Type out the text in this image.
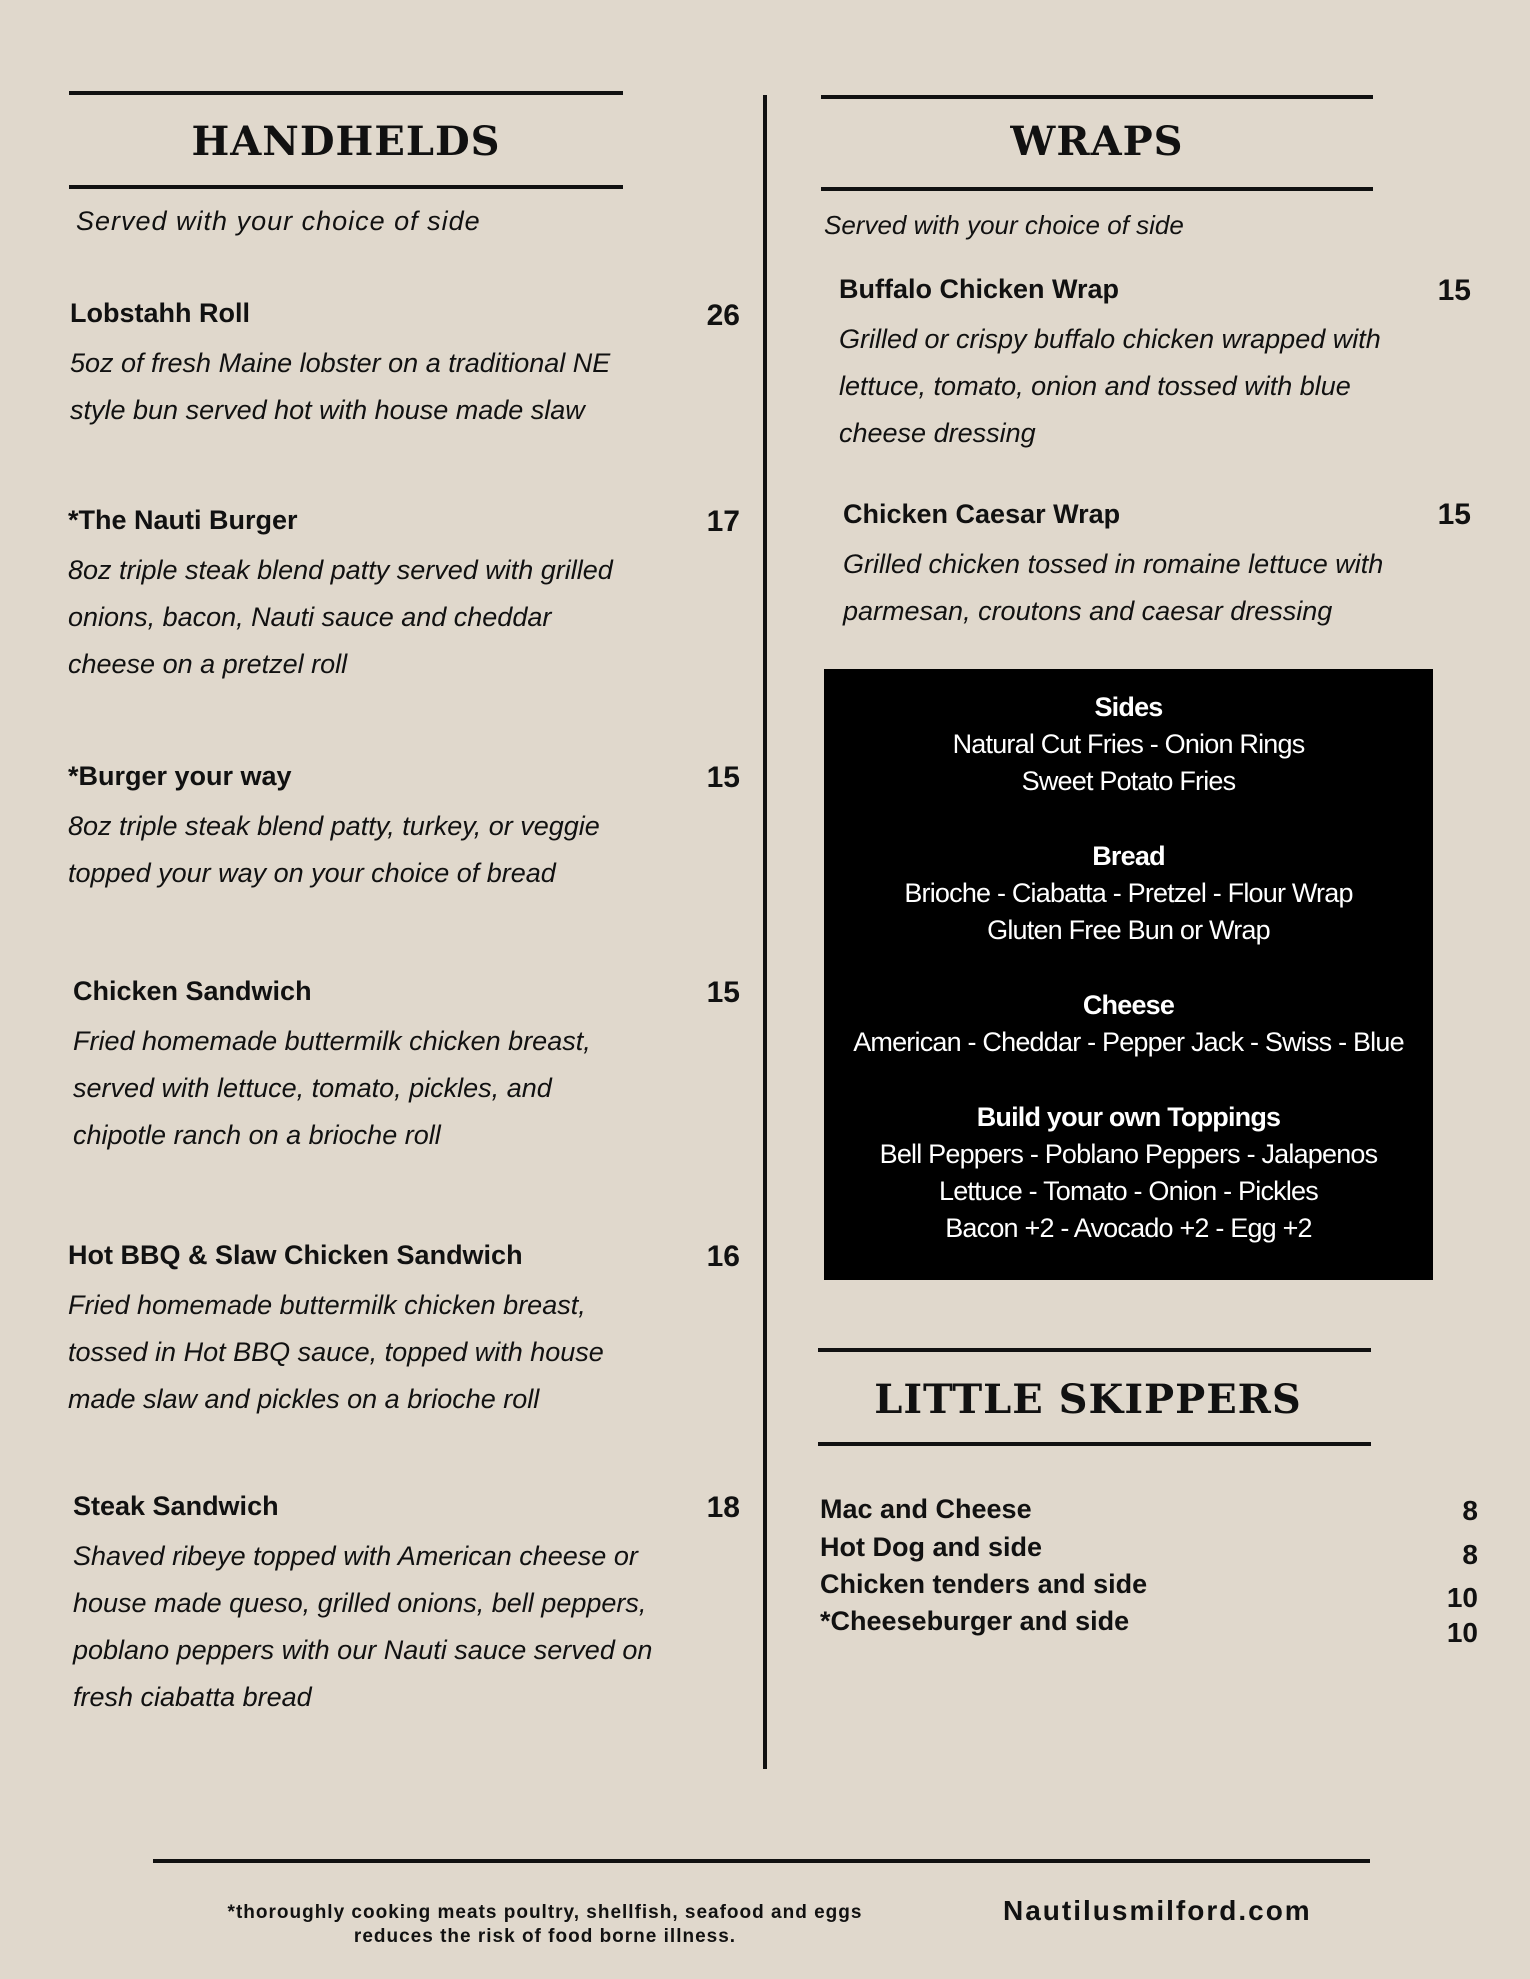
HANDHELDS
Served with your choice of side
Lobstahh Roll
5oz of fresh Maine lobster on a traditional NE style bun served hot with house made slaw
26
*The Nauti Burger
8oz triple steak blend patty served with grilled onions, bacon, Nauti sauce and cheddar cheese on a pretzel roll
17
*Burger your way
8oz triple steak blend patty, turkey, or veggie topped your way on your choice of bread
15
Chicken Sandwich
Fried homemade buttermilk chicken breast, served with lettuce, tomato, pickles, and chipotle ranch on a brioche roll
15
Hot BBQ & Slaw Chicken Sandwich
Fried homemade buttermilk chicken breast, tossed in Hot BBQ sauce, topped with house made slaw and pickles on a brioche roll
16
Steak Sandwich
Shaved ribeye topped with American cheese or house made queso, grilled onions, bell peppers, poblano peppers with our Nauti sauce served on fresh ciabatta bread
18
WRAPS
Served with your choice of side
Buffalo Chicken Wrap
Grilled or crispy buffalo chicken wrapped with lettuce, tomato, onion and tossed with blue cheese dressing
15
Chicken Caesar Wrap
Grilled chicken tossed in romaine lettuce with parmesan, croutons and caesar dressing
15
Sides
Natural Cut Fries - Onion Rings
Sweet Potato Fries
Bread
Brioche - Ciabatta - Pretzel - Flour Wrap
Gluten Free Bun or Wrap
Cheese
American - Cheddar - Pepper Jack - Swiss - Blue
Build your own Toppings
Bell Peppers - Poblano Peppers - Jalapenos
Lettuce - Tomato - Onion - Pickles
Bacon +2 - Avocado +2 - Egg +2
LITTLE SKIPPERS
Mac and Cheese	8
Hot Dog and side	8
Chicken tenders and side	10
*Cheeseburger and side	10
*thoroughly cooking meats poultry, shellfish, seafood and eggs
reduces the risk of food borne illness.
Nautilusmilford.com
